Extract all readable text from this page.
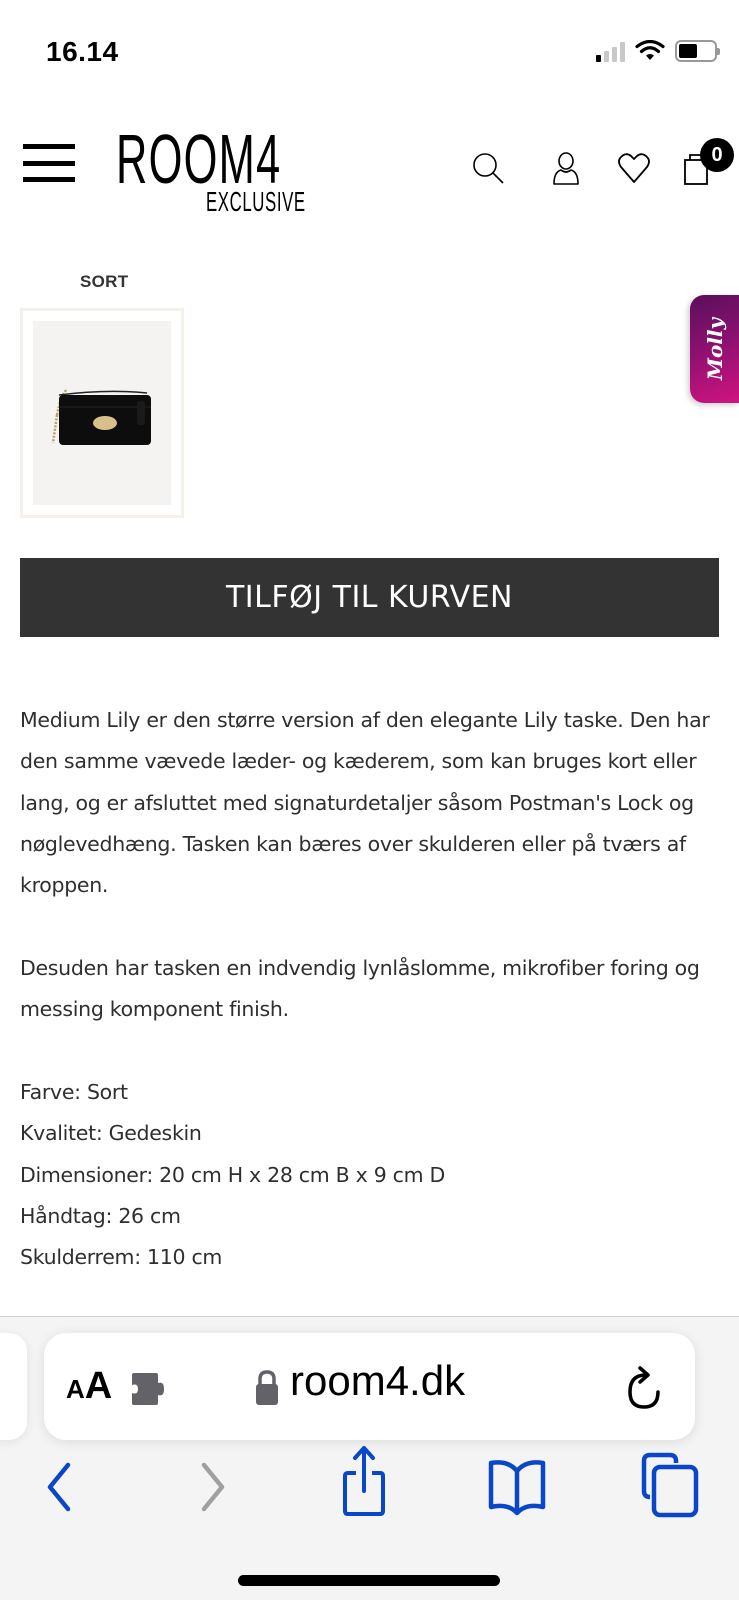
16.14
ROOM4
EXCLUSIVE
0
SORT
Molly
TILFØJ TIL KURVEN

Medium Lily er den større version af den elegante Lily taske. Den har den samme vævede læder- og kæderem, som kan bruges kort eller lang, og er afsluttet med signaturdetaljer såsom Postman's Lock og nøglevedhæng. Tasken kan bæres over skulderen eller på tværs af kroppen.

Desuden har tasken en indvendig lynlåslomme, mikrofiber foring og messing komponent finish.

Farve: Sort
Kvalitet: Gedeskin
Dimensioner: 20 cm H x 28 cm B x 9 cm D
Håndtag: 26 cm
Skulderrem: 110 cm
AA	room4.dk
